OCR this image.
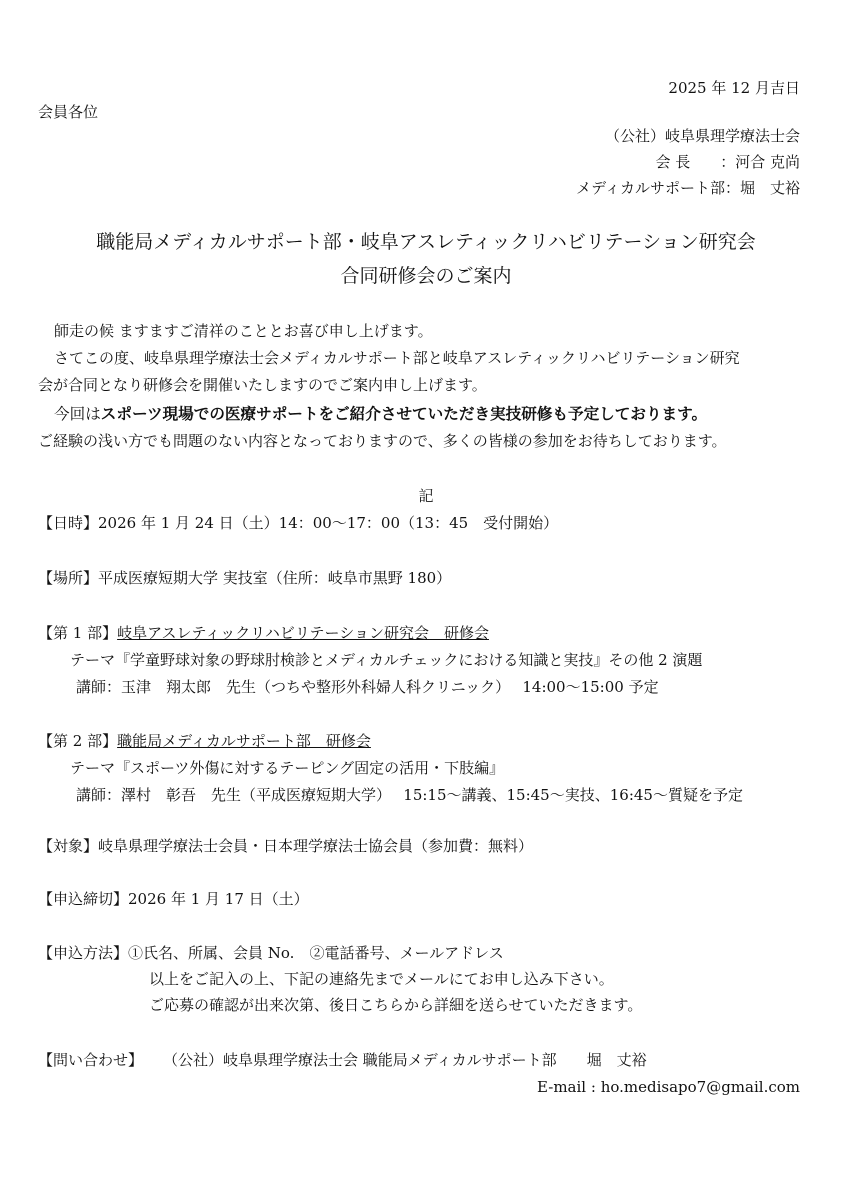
2025 年 12 月吉日
会員各位
（公社）岐阜県理学療法士会
会 長　　：河合 克尚
メディカルサポート部：堀　丈裕
職能局メディカルサポート部・岐阜アスレティックリハビリテーション研究会
合同研修会のご案内
師走の候 ますますご清祥のこととお喜び申し上げます。
さてこの度、岐阜県理学療法士会メディカルサポート部と岐阜アスレティックリハビリテーション研究
会が合同となり研修会を開催いたしますのでご案内申し上げます。
今回はスポーツ現場での医療サポートをご紹介させていただき実技研修も予定しております。
ご経験の浅い方でも問題のない内容となっておりますので、多くの皆様の参加をお待ちしております。
記
【日時】2026 年 1 月 24 日（土）14：00〜17：00（13：45　受付開始）
【場所】平成医療短期大学 実技室（住所：岐阜市黒野 180）
【第 1 部】岐阜アスレティックリハビリテーション研究会　研修会
テーマ『学童野球対象の野球肘検診とメディカルチェックにおける知識と実技』その他 2 演題
講師：玉津　翔太郎　先生（つちや整形外科婦人科クリニック）　 14:00〜15:00 予定
【第 2 部】職能局メディカルサポート部　研修会
テーマ『スポーツ外傷に対するテーピング固定の活用・下肢編』
講師：澤村　彰吾　先生（平成医療短期大学）　 15:15〜講義、15:45〜実技、16:45〜質疑を予定
【対象】岐阜県理学療法士会員・日本理学療法士協会員（参加費：無料）
【申込締切】2026 年 1 月 17 日（土）
【申込方法】①氏名、所属、会員 No.　②電話番号、メールアドレス
以上をご記入の上、下記の連絡先までメールにてお申し込み下さい。
ご応募の確認が出来次第、後日こちらから詳細を送らせていただきます。
【問い合わせ】 （公社）岐阜県理学療法士会 職能局メディカルサポート部　　堀　丈裕
E-mail : ho.medisapo7@gmail.com
